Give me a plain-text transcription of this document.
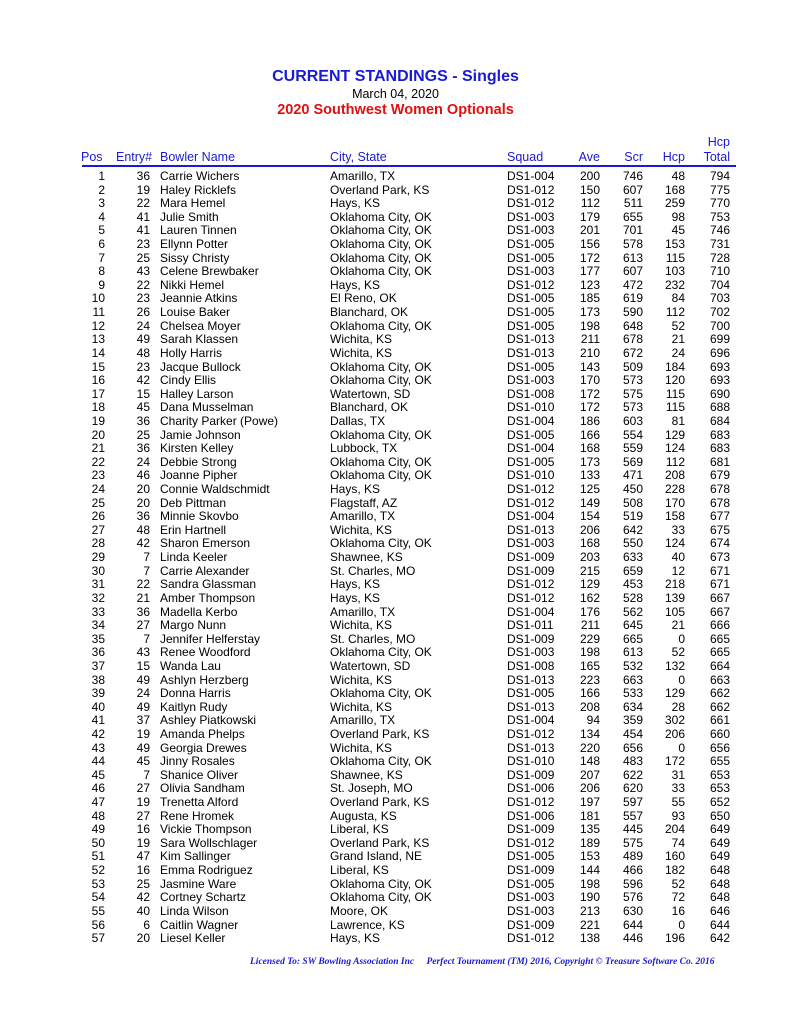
CURRENT STANDINGS - Singles
March 04, 2020
2020 Southwest Women Optionals
Pos Entry# Bowler Name	City, State	Squad	Ave Scr Hcp
Hcp
Total
1	36 Carrie Wichers	Amarillo, TX	DS1-004 200 746 48 794
2	19 Haley Ricklefs	Overland Park, KS	DS1-012 150 607 168 775
3	22 Mara Hemel	Hays, KS	DS1-012 112 511 259 770
4	41 Julie Smith	Oklahoma City, OK	DS1-003 179 655 98 753
5	41 Lauren Tinnen	Oklahoma City, OK	DS1-003 201 701 45 746
6	23 Ellynn Potter	Oklahoma City, OK	DS1-005 156 578 153 731
7	25 Sissy Christy	Oklahoma City, OK	DS1-005 172 613 115 728
8	43 Celene Brewbaker	Oklahoma City, OK	DS1-003 177 607 103 710
9	22 Nikki Hemel	Hays, KS	DS1-012 123 472 232 704
10	23 Jeannie Atkins	El Reno, OK	DS1-005 185 619 84 703
11	26 Louise Baker	Blanchard, OK	DS1-005 173 590 112 702
12	24 Chelsea Moyer	Oklahoma City, OK	DS1-005 198 648 52 700
13	49 Sarah Klassen	Wichita, KS	DS1-013 211 678 21 699
14	48 Holly Harris	Wichita, KS	DS1-013 210 672 24 696
15	23 Jacque Bullock	Oklahoma City, OK	DS1-005 143 509 184 693
16	42 Cindy Ellis	Oklahoma City, OK	DS1-003 170 573 120 693
17	15 Halley Larson	Watertown, SD	DS1-008 172 575 115 690
18	45 Dana Musselman	Blanchard, OK	DS1-010 172 573 115 688
19	36 Charity Parker (Powe)	Dallas, TX	DS1-004 186 603 81 684
20	25 Jamie Johnson	Oklahoma City, OK	DS1-005 166 554 129 683
21	36 Kirsten Kelley	Lubbock, TX	DS1-004 168 559 124 683
22	24 Debbie Strong	Oklahoma City, OK	DS1-005 173 569 112 681
23	46 Joanne Pipher	Oklahoma City, OK	DS1-010 133 471 208 679
24	20 Connie Waldschmidt	Hays, KS	DS1-012 125 450 228 678
25	20 Deb Pittman	Flagstaff, AZ	DS1-012 149 508 170 678
26	36 Minnie Skovbo	Amarillo, TX	DS1-004 154 519 158 677
27	48 Erin Hartnell	Wichita, KS	DS1-013 206 642 33 675
28	42 Sharon Emerson	Oklahoma City, OK	DS1-003 168 550 124 674
29	7 Linda Keeler	Shawnee, KS	DS1-009 203 633 40 673
30	7 Carrie Alexander	St. Charles, MO	DS1-009 215 659 12 671
31	22 Sandra Glassman	Hays, KS	DS1-012 129 453 218 671
32	21 Amber Thompson	Hays, KS	DS1-012 162 528 139 667
33	36 Madella Kerbo	Amarillo, TX	DS1-004 176 562 105 667
34	27 Margo Nunn	Wichita, KS	DS1-011 211 645 21 666
35	7 Jennifer Helferstay	St. Charles, MO	DS1-009 229 665	0 665
36	43 Renee Woodford	Oklahoma City, OK	DS1-003 198 613 52 665
37	15 Wanda Lau	Watertown, SD	DS1-008 165 532 132 664
38	49 Ashlyn Herzberg	Wichita, KS	DS1-013 223 663	0 663
39	24 Donna Harris	Oklahoma City, OK	DS1-005 166 533 129 662
40	49 Kaitlyn Rudy	Wichita, KS	DS1-013 208 634 28 662
41	37 Ashley Piatkowski	Amarillo, TX	DS1-004	94 359 302 661
42	19 Amanda Phelps	Overland Park, KS	DS1-012 134 454 206 660
43	49 Georgia Drewes	Wichita, KS	DS1-013 220 656	0 656
44	45 Jinny Rosales	Oklahoma City, OK	DS1-010 148 483 172 655
45	7 Shanice Oliver	Shawnee, KS	DS1-009 207 622 31 653
46	27 Olivia Sandham	St. Joseph, MO	DS1-006 206 620 33 653
47	19 Trenetta Alford	Overland Park, KS	DS1-012 197 597 55 652
48	27 Rene Hromek	Augusta, KS	DS1-006 181 557 93 650
49	16 Vickie Thompson	Liberal, KS	DS1-009 135 445 204 649
50	19 Sara Wollschlager	Overland Park, KS	DS1-012 189 575 74 649
51	47 Kim Sallinger	Grand Island, NE	DS1-005 153 489 160 649
52	16 Emma Rodriguez	Liberal, KS	DS1-009 144 466 182 648
53	25 Jasmine Ware	Oklahoma City, OK	DS1-005 198 596 52 648
54	42 Cortney Schartz	Oklahoma City, OK	DS1-003 190 576 72 648
55	40 Linda Wilson	Moore, OK	DS1-003 213 630 16 646
56	6 Caitlin Wagner	Lawrence, KS	DS1-009 221 644	0 644
57	20 Liesel Keller	Hays, KS	DS1-012 138 446 196 642
Licensed To: SW Bowling Association Inc Perfect Tournament (TM) 2016, Copyright © Treasure Software Co. 2016
